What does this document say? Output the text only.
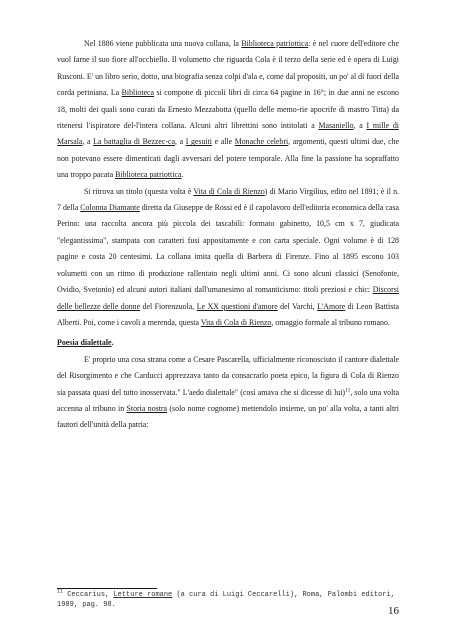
Nel 1886 viene pubblicata una nuova collana, la Biblioteca patriottica: è nel cuore dell'editore che vuol farne il suo fiore all'occhiello. Il volumetto che riguarda Cola è il terzo della serie ed è opera di Luigi Rusconi. E' un libro serio, dotto, una biografia senza colpi d'ala e, come dal propositi, un po' al di fuori della corda periniana. La Biblioteca si compone di piccoli libri di circa 64 pagine in 16°; in due anni ne escono 18, molti dei quali sono curati da Ernesto Mezzabotta (quello delle memo-rie apocrife di mastro Titta) da ritenersi l'ispiratore del-l'intera collana. Alcuni altri librettini sono intitolati a Masaniello, a I mille di Marsala, a La battaglia di Bezzec-ca, a I gesuiti e alle Monache celebri, argomenti, questi ultimi due, che non potevano essere dimenticati dagli avversari del potere temporale. Alla fine la passione ha sopraffatto una troppo pacata Biblioteca patriottica.

Si ritrova un titolo (questa volta è Vita di Cola di Rienzo) di Mario Virgilius, edito nel 1891; è il n. 7 della Colonna Diamante diretta da Giuseppe de Rossi ed è il capolavoro dell'editoria economica della casa Perino: una raccolta ancora più piccola dei tascabili: formato gabinetto, 10,5 cm x 7, giudicata "elegantissima", stampata con caratteri fusi appositamente e con carta speciale. Ogni volume è di 128 pagine e costa 20 centesimi. La collana imita quella di Barbera di Firenze. Fino al 1895 escono 103 volumetti con un ritmo di produzione rallentato negli ultimi anni. Ci sono alcuni classici (Senofonte, Ovidio, Svetonio) ed alcuni autori italiani dall'umanesimo al romanticismo: titoli preziosi e chic: Discorsi delle bellezze delle donne del Fiorenzuola, Le XX questioni d'amore del Varchi, L'Amore di Leon Battista Alberti. Poi, come i cavoli a merenda, questa Vita di Cola di Rienzo, omaggio formale al tribuno romano.

Poesia dialettale.

E' proprio una cosa strana come a Cesare Pascarella, ufficialmente riconosciuto il cantore dialettale del Risorgimento e che Carducci apprezzava tanto da consacrarlo poeta epico, la figura di Cola di Rienzo sia passata quasi del tutto inosservata." L'aedo dialettale" (così amava che si dicesse di lui)$^{11}$, solo una volta accenna al tribuno in Storia nostra (solo nome cognome) mettendolo insieme, un po' alla volta, a tanti altri fautori dell'unità della patria:

$^{11}$ Ceccarius, Letture romane (a cura di Luigi Ceccarelli), Roma, Palombi editori, 1989, pag. 98.
16
